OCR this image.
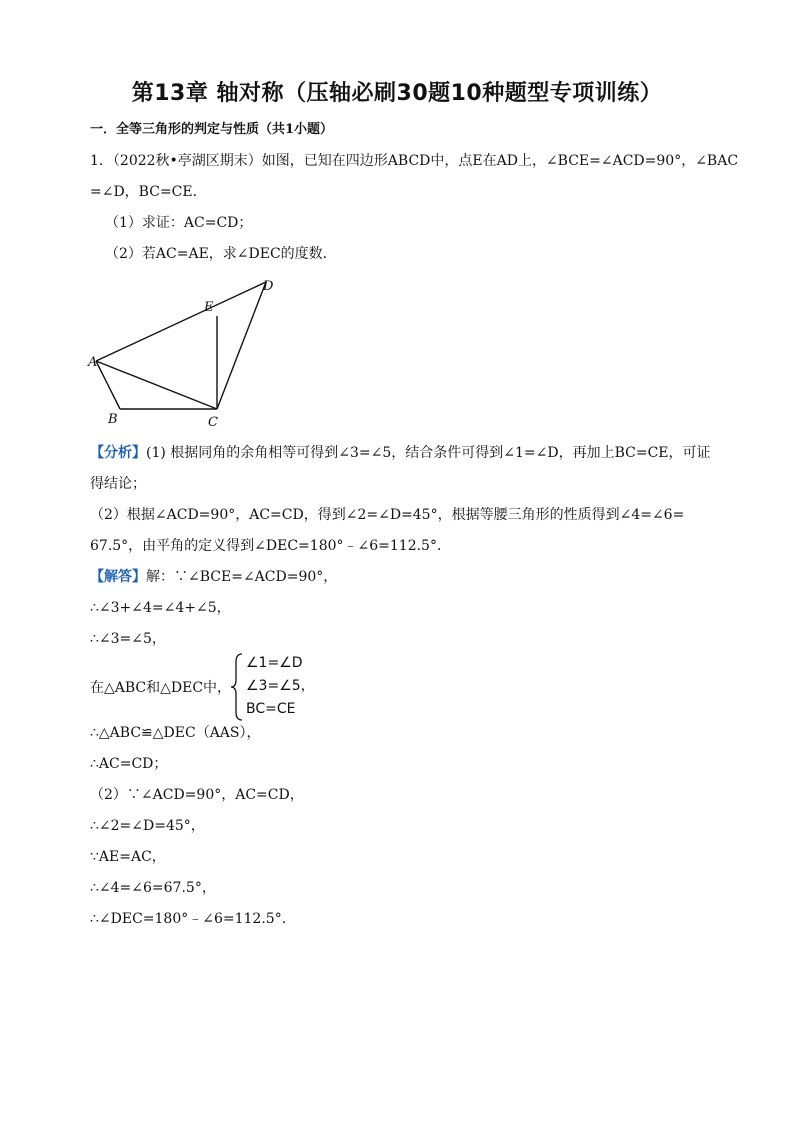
第13章 轴对称（压轴必刷30题10种题型专项训练）
一．全等三角形的判定与性质（共1小题）
1．（2022秋•亭湖区期末）如图，已知在四边形ABCD中，点E在AD上，∠BCE=∠ACD=90°，∠BAC
=∠D，BC=CE．
（1）求证：AC=CD；
（2）若AC=AE，求∠DEC的度数．
A
B	C
D
E
【分析】(1) 根据同角的余角相等可得到∠3=∠5，结合条件可得到∠1=∠D，再加上BC=CE，可证
得结论；
（2）根据∠ACD=90°，AC=CD，得到∠2=∠D=45°，根据等腰三角形的性质得到∠4=∠6=
67.5°，由平角的定义得到∠DEC=180°﹣∠6=112.5°．
【解答】解：∵∠BCE=∠ACD=90°，
∴∠3+∠4=∠4+∠5，
∴∠3=∠5，
在△ABC和△DEC中，
∠1=∠D
∠3=∠5，
BC=CE
∴△ABC≌△DEC（AAS），
∴AC=CD；
（2）∵∠ACD=90°，AC=CD，
∴∠2=∠D=45°，
∵AE=AC，
∴∠4=∠6=67.5°，
∴∠DEC=180°﹣∠6=112.5°．
